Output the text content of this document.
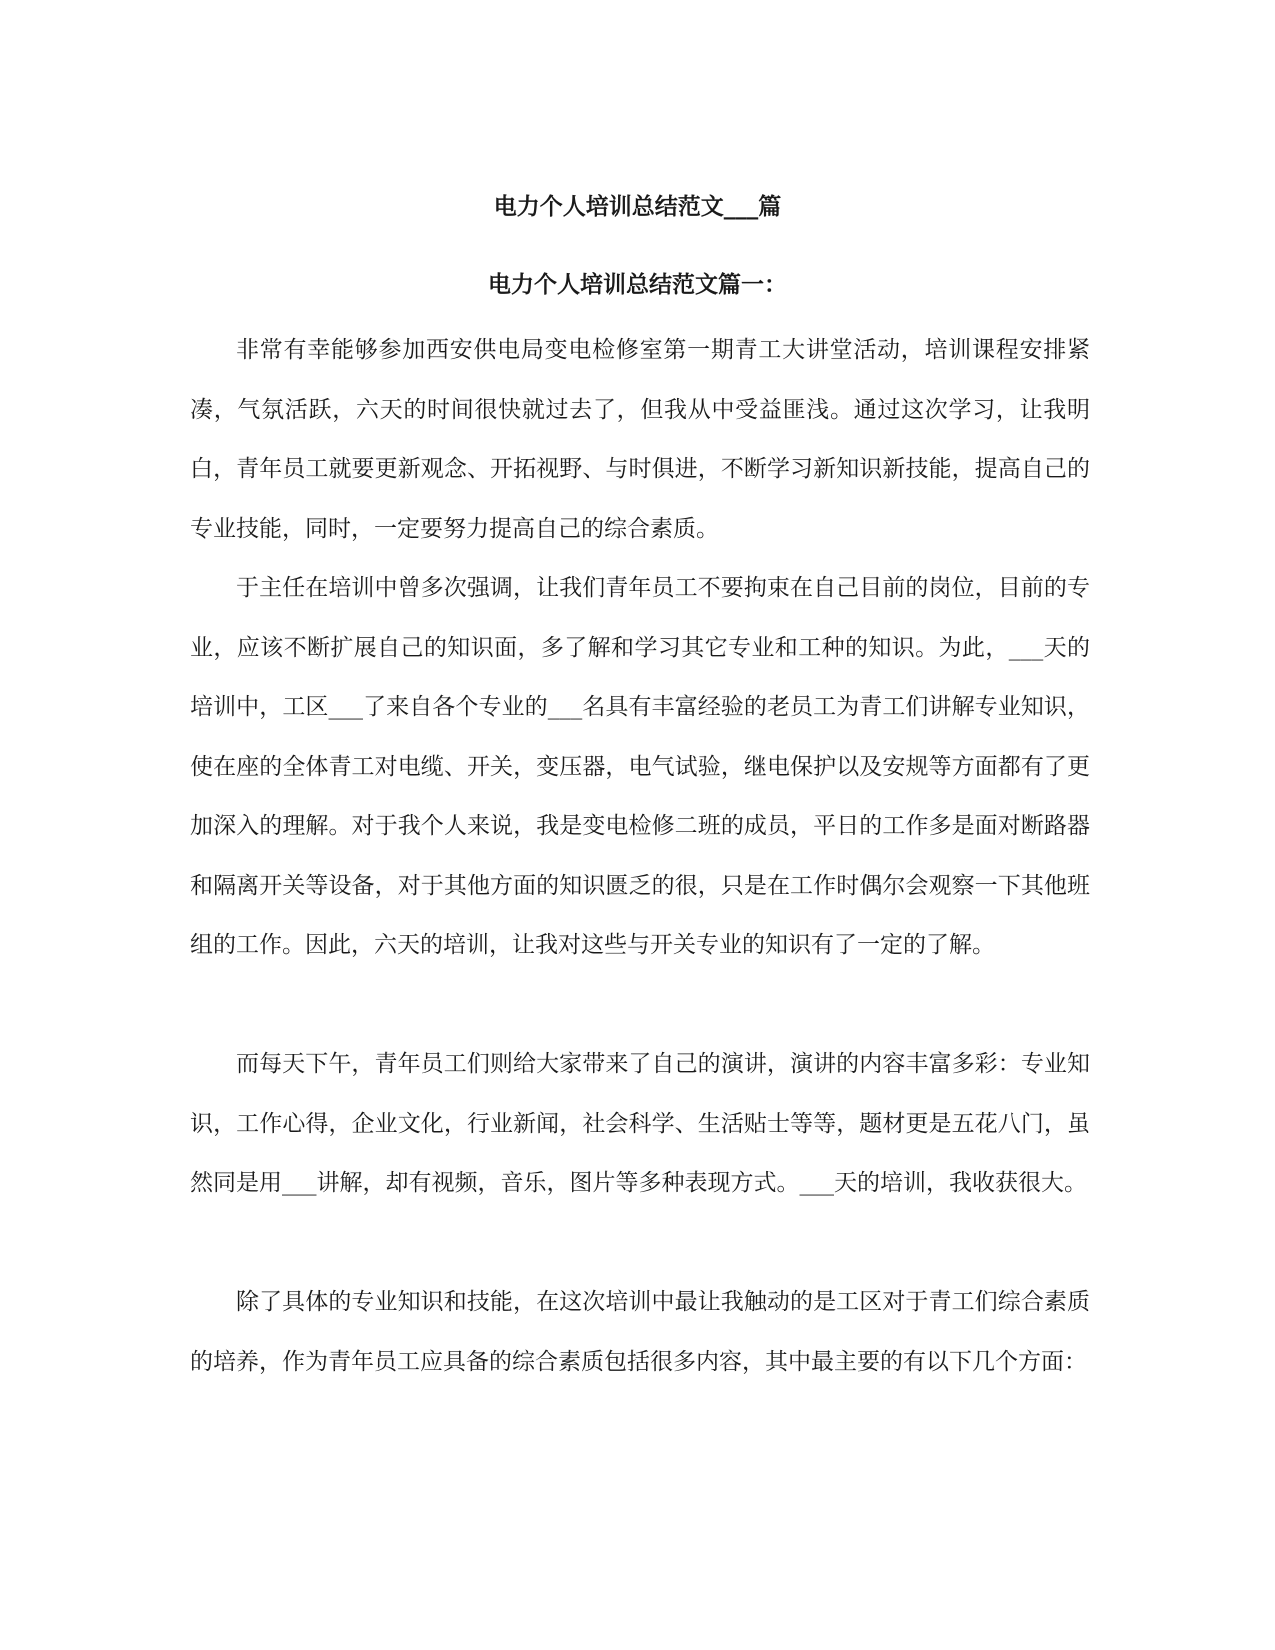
电力个人培训总结范文___篇
电力个人培训总结范文篇一：

非常有幸能够参加西安供电局变电检修室第一期青工大讲堂活动，培训课程安排紧凑，气氛活跃，六天的时间很快就过去了，但我从中受益匪浅。通过这次学习，让我明白，青年员工就要更新观念、开拓视野、与时俱进，不断学习新知识新技能，提高自己的专业技能，同时，一定要努力提高自己的综合素质。

于主任在培训中曾多次强调，让我们青年员工不要拘束在自己目前的岗位，目前的专业，应该不断扩展自己的知识面，多了解和学习其它专业和工种的知识。为此，___天的培训中，工区___了来自各个专业的___名具有丰富经验的老员工为青工们讲解专业知识，使在座的全体青工对电缆、开关，变压器，电气试验，继电保护以及安规等方面都有了更加深入的理解。对于我个人来说，我是变电检修二班的成员，平日的工作多是面对断路器和隔离开关等设备，对于其他方面的知识匮乏的很，只是在工作时偶尔会观察一下其他班组的工作。因此，六天的培训，让我对这些与开关专业的知识有了一定的了解。

而每天下午，青年员工们则给大家带来了自己的演讲，演讲的内容丰富多彩：专业知识，工作心得，企业文化，行业新闻，社会科学、生活贴士等等，题材更是五花八门，虽然同是用___讲解，却有视频，音乐，图片等多种表现方式。___天的培训，我收获很大。

除了具体的专业知识和技能，在这次培训中最让我触动的是工区对于青工们综合素质的培养，作为青年员工应具备的综合素质包括很多内容，其中最主要的有以下几个方面：
